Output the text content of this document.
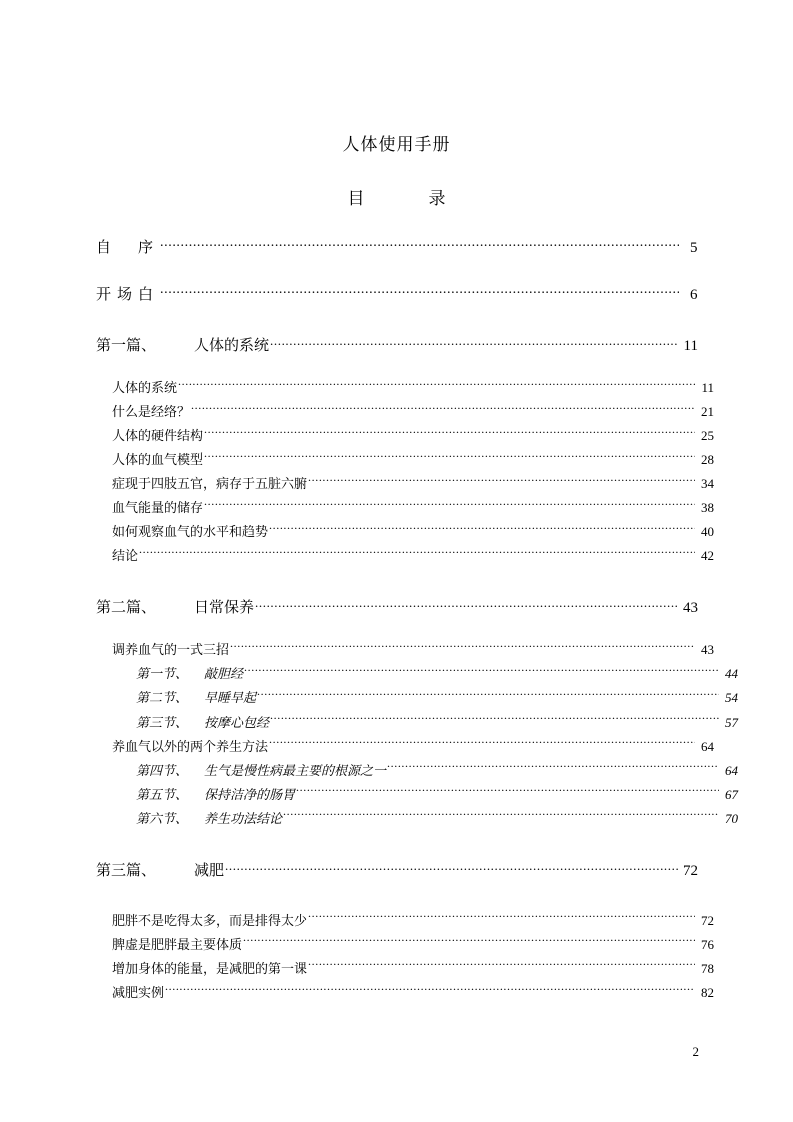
人体使用手册
目　　录
自　序 .....	5
开场白 .....	6
第一篇、	人体的系统 .....	11
人体的系统 .....	11
什么是经络？ .....	21
人体的硬件结构 .....	25
人体的血气模型 .....	28
症现于四肢五官，病存于五脏六腑 .....	34
血气能量的储存 .....	38
如何观察血气的水平和趋势 .....	40
结论 .....	42
第二篇、	日常保养 .....	43
调养血气的一式三招 .....	43
第一节、 敲胆经 .....	44
第二节、 早睡早起 .....	54
第三节、 按摩心包经 .....	57
养血气以外的两个养生方法 .....	64
第四节、 生气是慢性病最主要的根源之一 .....	64
第五节、 保持洁净的肠胃 .....	67
第六节、 养生功法结论 .....	70
第三篇、	减肥 .....	72
肥胖不是吃得太多，而是排得太少 .....	72
脾虚是肥胖最主要体质 .....	76
增加身体的能量，是减肥的第一课 .....	78
减肥实例 .....	82
2
